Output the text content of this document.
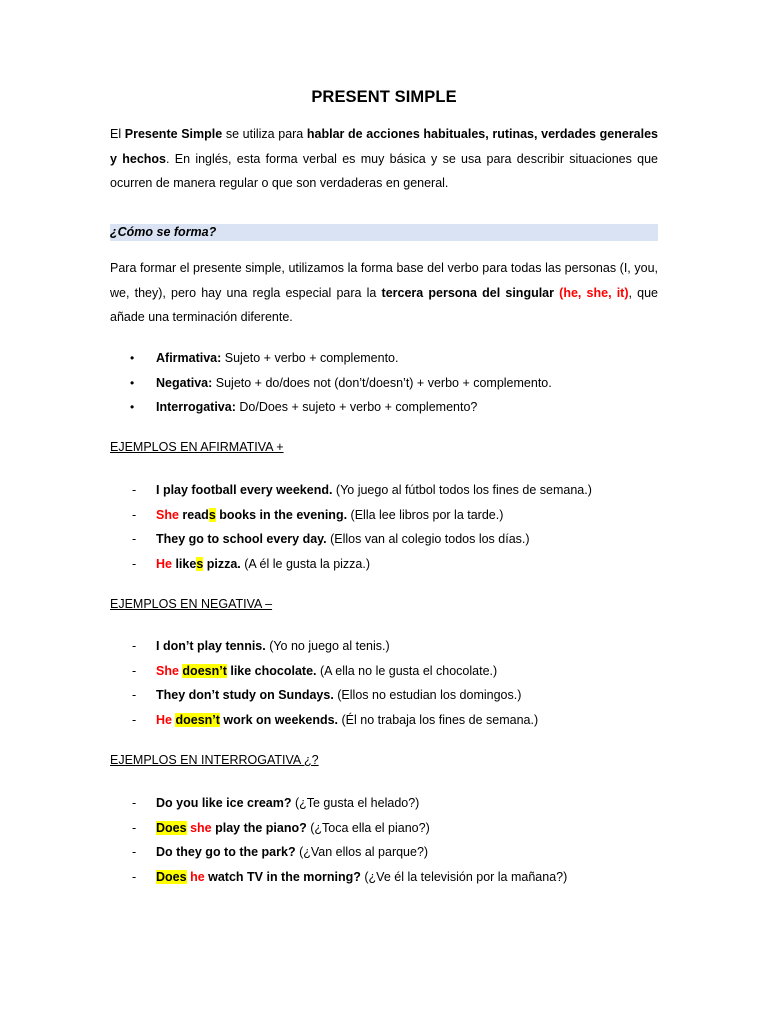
PRESENT SIMPLE

El Presente Simple se utiliza para hablar de acciones habituales, rutinas, verdades generales y hechos. En inglés, esta forma verbal es muy básica y se usa para describir situaciones que ocurren de manera regular o que son verdaderas en general.

¿Cómo se forma?

Para formar el presente simple, utilizamos la forma base del verbo para todas las personas (I, you, we, they), pero hay una regla especial para la tercera persona del singular (he, she, it), que añade una terminación diferente.

• Afirmativa: Sujeto + verbo + complemento.
• Negativa: Sujeto + do/does not (don’t/doesn’t) + verbo + complemento.
• Interrogativa: Do/Does + sujeto + verbo + complemento?
EJEMPLOS EN AFIRMATIVA +
- I play football every weekend. (Yo juego al fútbol todos los fines de semana.)
- She reads books in the evening. (Ella lee libros por la tarde.)
- They go to school every day. (Ellos van al colegio todos los días.)
- He likes pizza. (A él le gusta la pizza.)
EJEMPLOS EN NEGATIVA –
- I don’t play tennis. (Yo no juego al tenis.)
- She doesn’t like chocolate. (A ella no le gusta el chocolate.)
- They don’t study on Sundays. (Ellos no estudian los domingos.)
- He doesn’t work on weekends. (Él no trabaja los fines de semana.)
EJEMPLOS EN INTERROGATIVA ¿?
- Do you like ice cream? (¿Te gusta el helado?)
- Does she play the piano? (¿Toca ella el piano?)
- Do they go to the park? (¿Van ellos al parque?)
- Does he watch TV in the morning? (¿Ve él la televisión por la mañana?)
